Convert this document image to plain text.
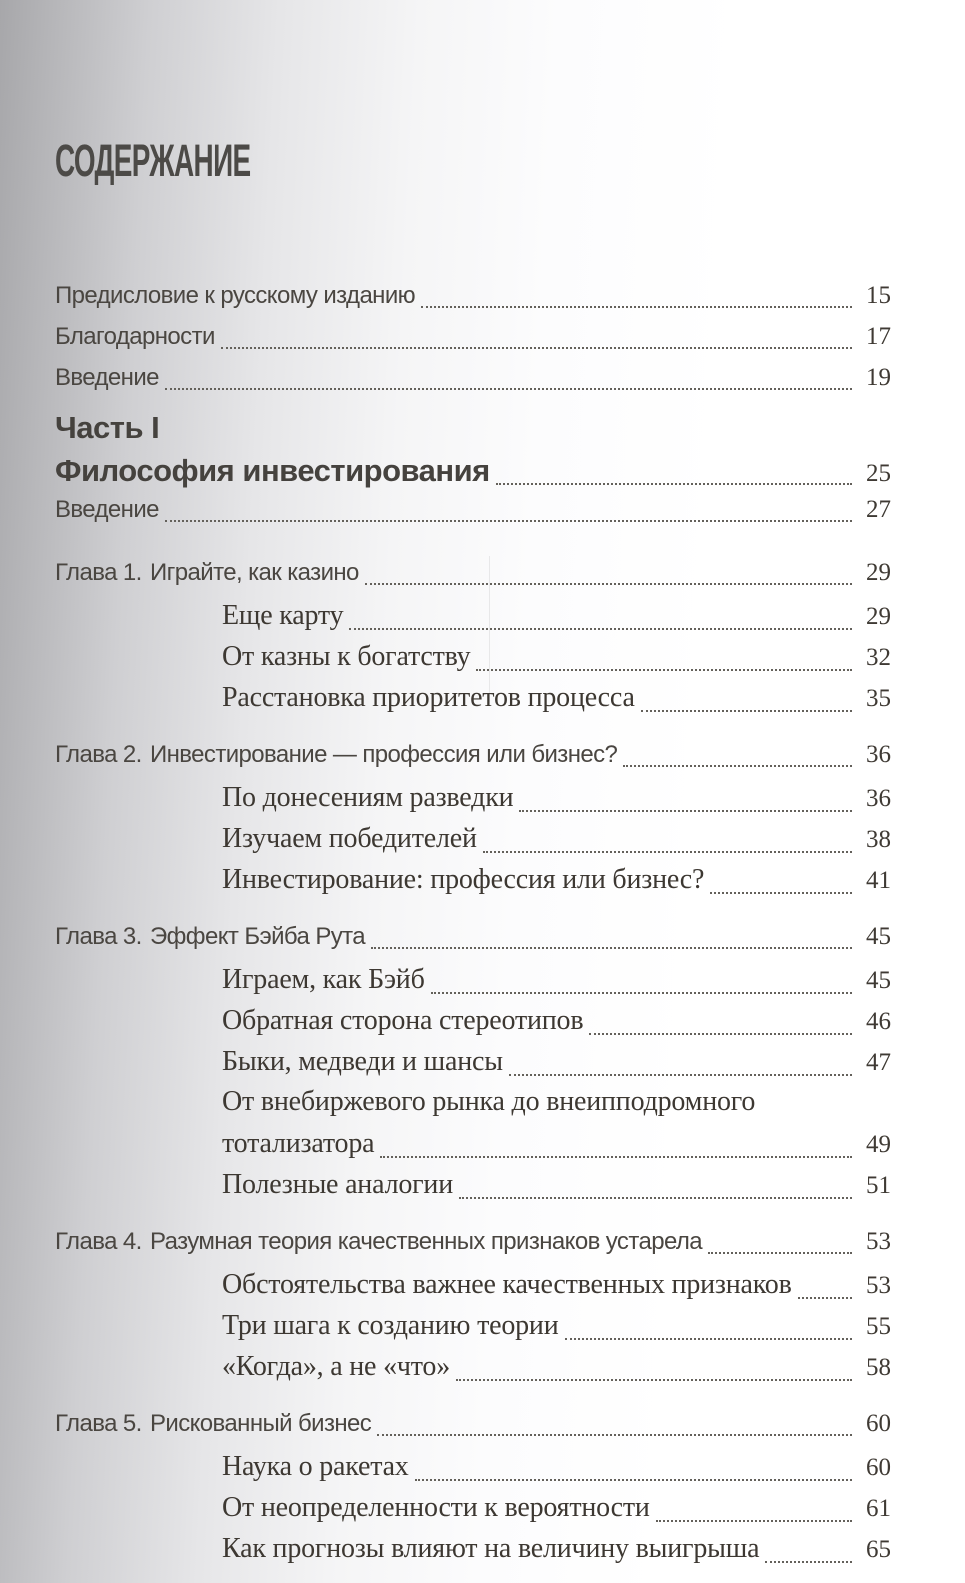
СОДЕРЖАНИЕ
Предисловие к русскому изданию	15
Благодарности	17
Введение	19
Часть I
Философия инвестирования	25
Введение	27
Глава 1. Играйте, как казино	29
Еще карту	29
От казны к богатству	32
Расстановка приоритетов процесса	35
Глава 2. Инвестирование — профессия или бизнес?	36
По донесениям разведки	36
Изучаем победителей	38
Инвестирование: профессия или бизнес?	41
Глава 3. Эффект Бэйба Рута	45
Играем, как Бэйб	45
Обратная сторона стереотипов	46
Быки, медведи и шансы	47
От внебиржевого рынка до внеипподромного
тотализатора	49
Полезные аналогии	51
Глава 4. Разумная теория качественных признаков устарела	53
Обстоятельства важнее качественных признаков	53
Три шага к созданию теории	55
«Когда», а не «что»	58
Глава 5. Рискованный бизнес	60
Наука о ракетах	60
От неопределенности к вероятности	61
Как прогнозы влияют на величину выигрыша	65
